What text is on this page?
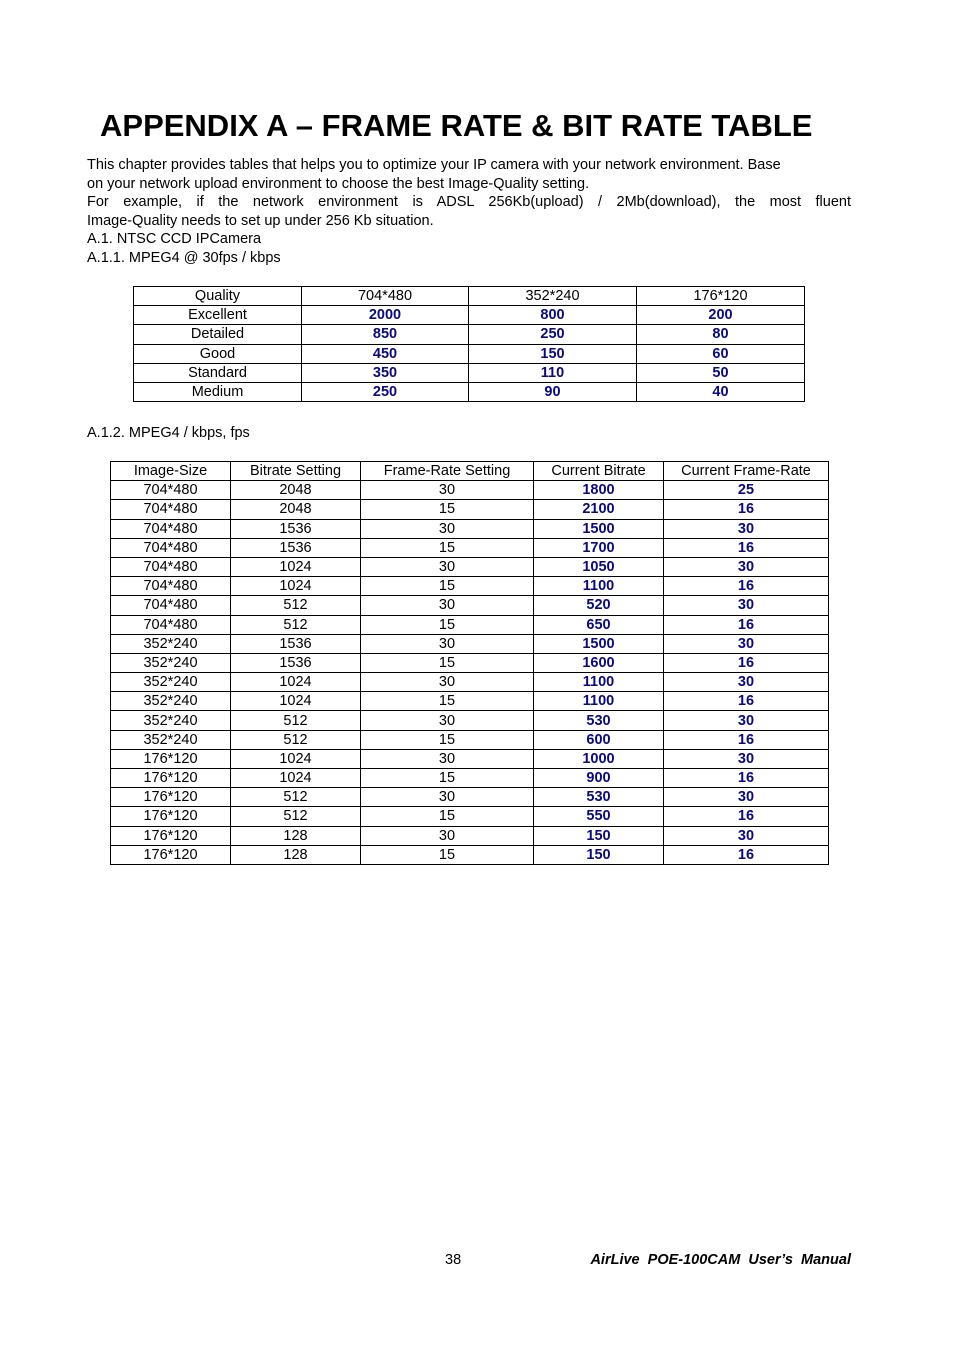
APPENDIX A – FRAME RATE & BIT RATE TABLE

This chapter provides tables that helps you to optimize your IP camera with your network environment. Base

on your network upload environment to choose the best Image-Quality setting.

For example, if the network environment is ADSL 256Kb(upload) / 2Mb(download), the most fluent

Image-Quality needs to set up under 256 Kb situation.

A.1. NTSC CCD IPCamera

A.1.1. MPEG4 @ 30fps / kbps

Quality	704*480	352*240	176*120
Excellent	2000	800	200
Detailed	850	250	80
Good	450	150	60
Standard	350	110	50
Medium	250	90	40

A.1.2. MPEG4 / kbps, fps

Image-Size	Bitrate Setting	Frame-Rate Setting	Current Bitrate	Current Frame-Rate
704*480	2048	30	1800	25
704*480	2048	15	2100	16
704*480	1536	30	1500	30
704*480	1536	15	1700	16
704*480	1024	30	1050	30
704*480	1024	15	1100	16
704*480	512	30	520	30
704*480	512	15	650	16
352*240	1536	30	1500	30
352*240	1536	15	1600	16
352*240	1024	30	1100	30
352*240	1024	15	1100	16
352*240	512	30	530	30
352*240	512	15	600	16
176*120	1024	30	1000	30
176*120	1024	15	900	16
176*120	512	30	530	30
176*120	512	15	550	16
176*120	128	30	150	30
176*120	128	15	150	16
38	AirLive  POE-100CAM  User’s  Manual
